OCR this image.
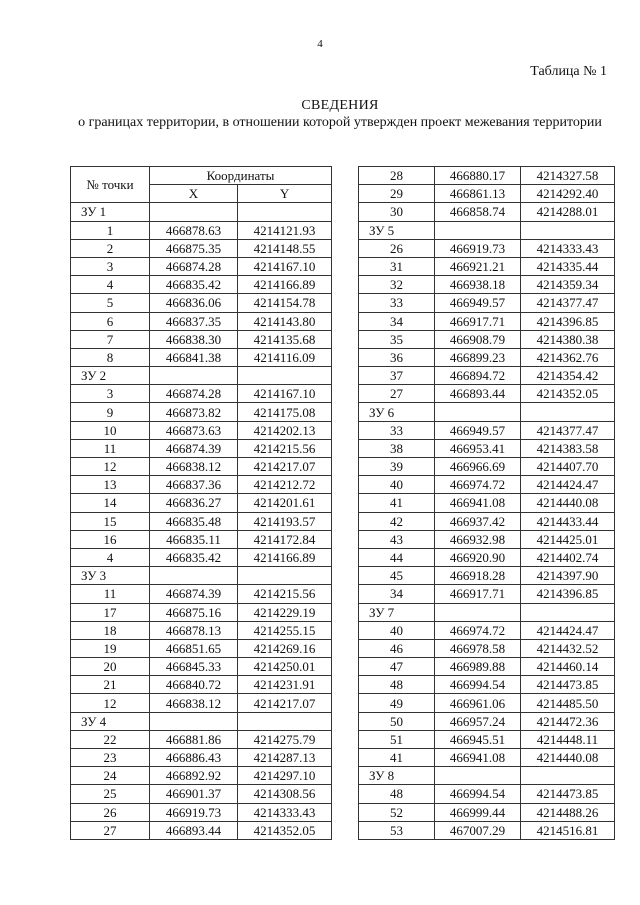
4
Таблица № 1
СВЕДЕНИЯ
о границах территории, в отношении которой утвержден проект межевания территории
№ точки	Координаты	
	X	Y
ЗУ 1		
1	466878.63	4214121.93
2	466875.35	4214148.55
3	466874.28	4214167.10
4	466835.42	4214166.89
5	466836.06	4214154.78
6	466837.35	4214143.80
7	466838.30	4214135.68
8	466841.38	4214116.09
ЗУ 2		
3	466874.28	4214167.10
9	466873.82	4214175.08
10	466873.63	4214202.13
11	466874.39	4214215.56
12	466838.12	4214217.07
13	466837.36	4214212.72
14	466836.27	4214201.61
15	466835.48	4214193.57
16	466835.11	4214172.84
4	466835.42	4214166.89
ЗУ 3		
11	466874.39	4214215.56
17	466875.16	4214229.19
18	466878.13	4214255.15
19	466851.65	4214269.16
20	466845.33	4214250.01
21	466840.72	4214231.91
12	466838.12	4214217.07
ЗУ 4		
22	466881.86	4214275.79
23	466886.43	4214287.13
24	466892.92	4214297.10
25	466901.37	4214308.56
26	466919.73	4214333.43
27	466893.44	4214352.05
28	466880.17	4214327.58
29	466861.13	4214292.40
30	466858.74	4214288.01
ЗУ 5		
26	466919.73	4214333.43
31	466921.21	4214335.44
32	466938.18	4214359.34
33	466949.57	4214377.47
34	466917.71	4214396.85
35	466908.79	4214380.38
36	466899.23	4214362.76
37	466894.72	4214354.42
27	466893.44	4214352.05
ЗУ 6		
33	466949.57	4214377.47
38	466953.41	4214383.58
39	466966.69	4214407.70
40	466974.72	4214424.47
41	466941.08	4214440.08
42	466937.42	4214433.44
43	466932.98	4214425.01
44	466920.90	4214402.74
45	466918.28	4214397.90
34	466917.71	4214396.85
ЗУ 7		
40	466974.72	4214424.47
46	466978.58	4214432.52
47	466989.88	4214460.14
48	466994.54	4214473.85
49	466961.06	4214485.50
50	466957.24	4214472.36
51	466945.51	4214448.11
41	466941.08	4214440.08
ЗУ 8		
48	466994.54	4214473.85
52	466999.44	4214488.26
53	467007.29	4214516.81
